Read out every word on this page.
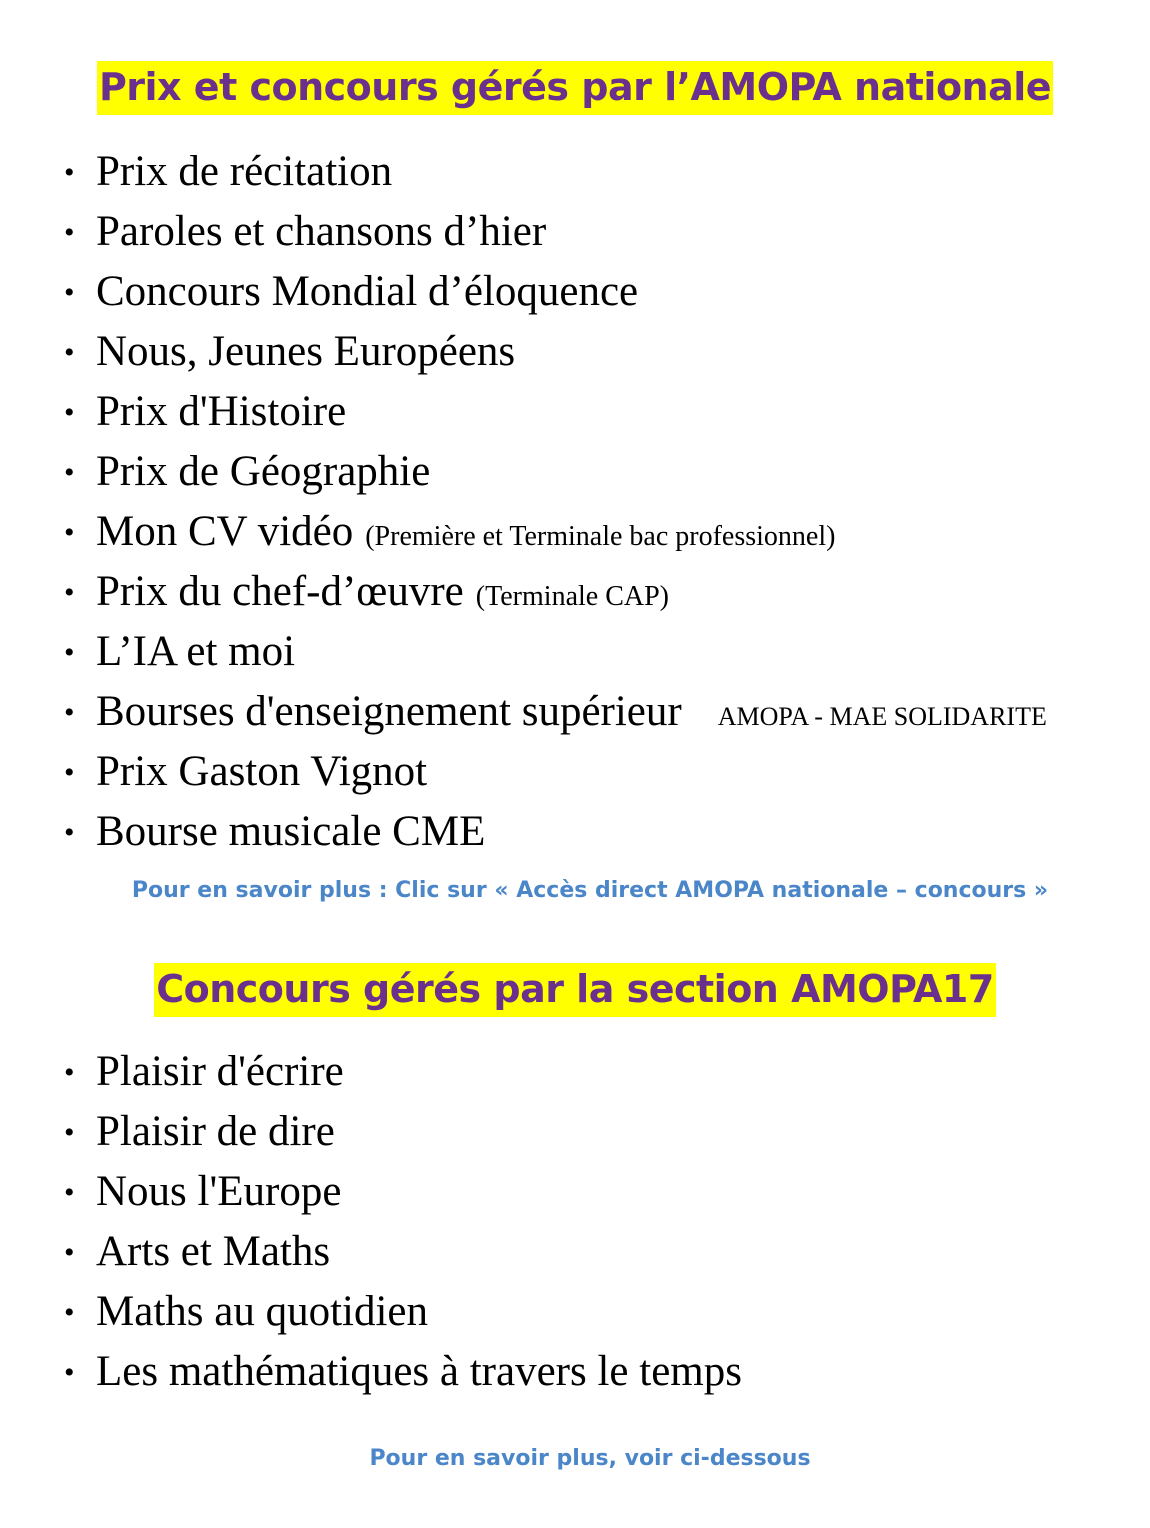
Prix et concours gérés par l’AMOPA nationale
• Prix de récitation
• Paroles et chansons d’hier
• Concours Mondial d’éloquence
• Nous, Jeunes Européens
• Prix d'Histoire
• Prix de Géographie
• Mon CV vidéo (Première et Terminale bac professionnel)
• Prix du chef-d’œuvre (Terminale CAP)
• L’IA et moi
• Bourses d'enseignement supérieur AMOPA - MAE SOLIDARITE
• Prix Gaston Vignot
• Bourse musicale CME

Pour en savoir plus : Clic sur « Accès direct AMOPA nationale – concours »

Concours gérés par la section AMOPA17
• Plaisir d'écrire
• Plaisir de dire
• Nous l'Europe
• Arts et Maths
• Maths au quotidien
• Les mathématiques à travers le temps

Pour en savoir plus, voir ci-dessous
